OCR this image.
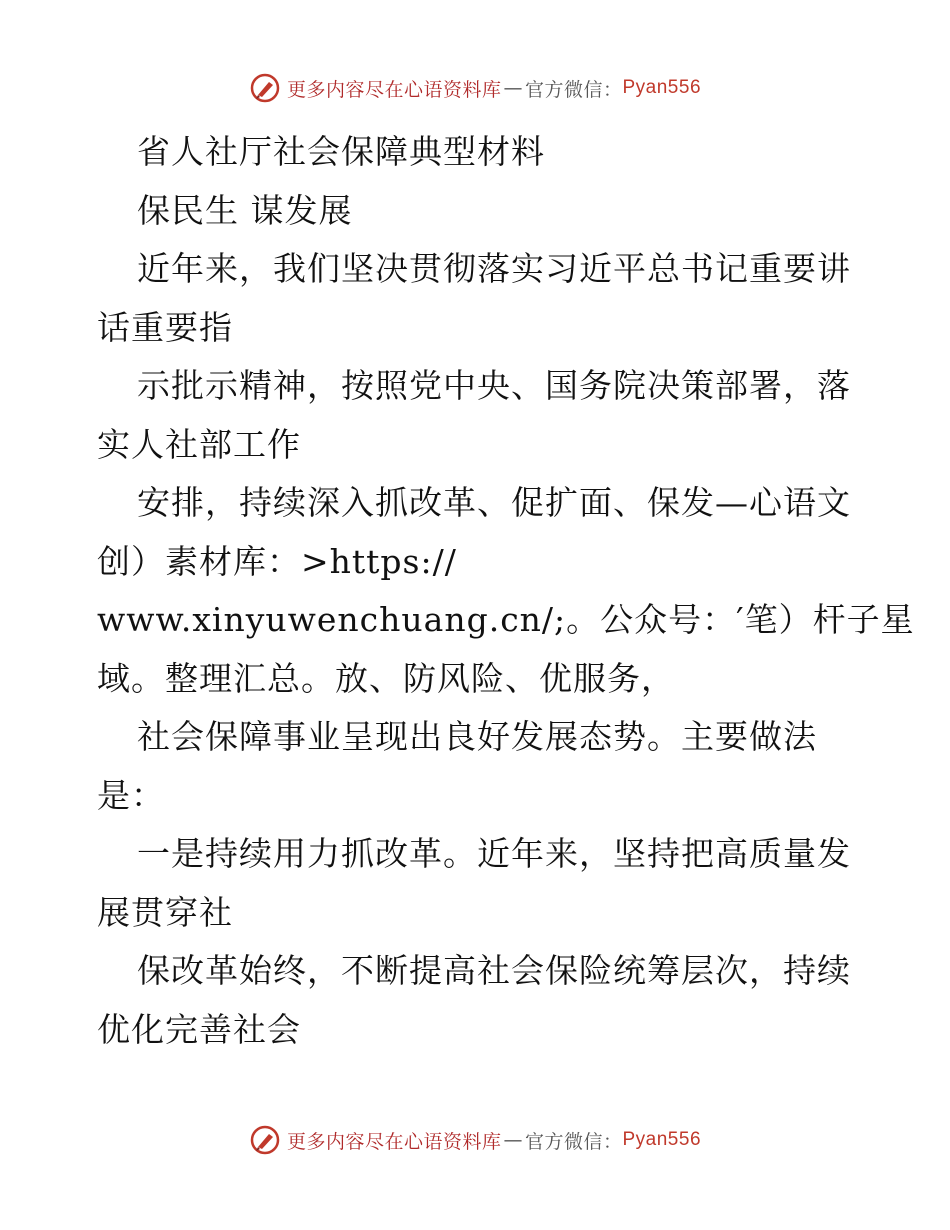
更多内容尽在心语资料库 — 官方微信： Pyan556
省人社厅社会保障典型材料
保民生 谋发展
近年来，我们坚决贯彻落实习近平总书记重要讲
话重要指
示批示精神，按照党中央、国务院决策部署，落
实人社部工作
安排，持续深入抓改革、促扩面、保发—心语文
创）素材库：>https://
www.xinyuwenchuang.cn/;。公众号：′笔）杆子星
域。整理汇总。放、防风险、优服务，
社会保障事业呈现出良好发展态势。主要做法
是：
一是持续用力抓改革。近年来，坚持把高质量发
展贯穿社
保改革始终，不断提高社会保险统筹层次，持续
优化完善社会
更多内容尽在心语资料库 — 官方微信： Pyan556
